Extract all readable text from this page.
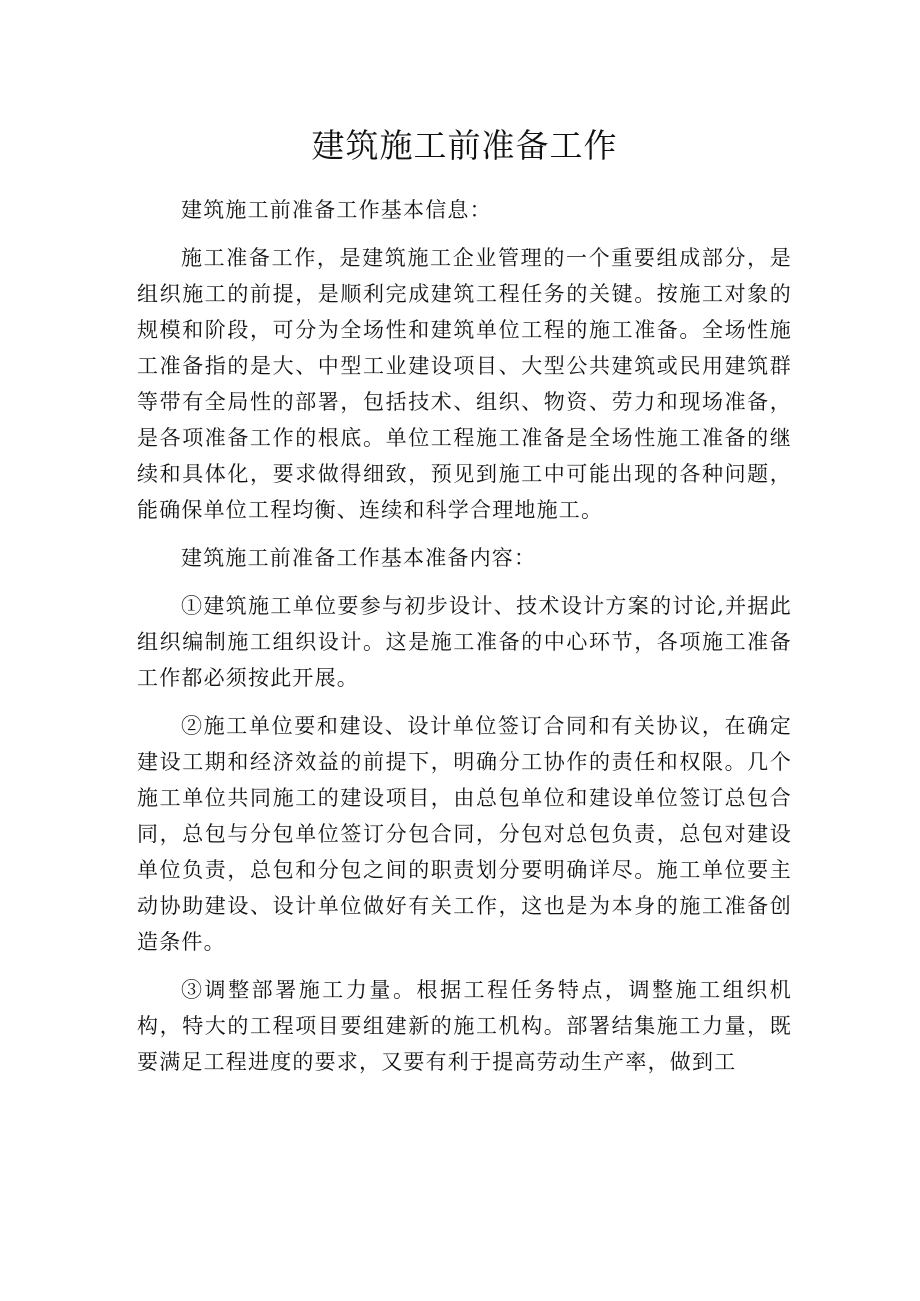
建筑施工前准备工作

建筑施工前准备工作基本信息：

施工准备工作，是建筑施工企业管理的一个重要组成部分，是组织施工的前提，是顺利完成建筑工程任务的关键。按施工对象的规模和阶段，可分为全场性和建筑单位工程的施工准备。全场性施工准备指的是大、中型工业建设项目、大型公共建筑或民用建筑群等带有全局性的部署，包括技术、组织、物资、劳力和现场准备，是各项准备工作的根底。单位工程施工准备是全场性施工准备的继续和具体化，要求做得细致，预见到施工中可能出现的各种问题，能确保单位工程均衡、连续和科学合理地施工。

建筑施工前准备工作基本准备内容：

①建筑施工单位要参与初步设计、技术设计方案的讨论,并据此组织编制施工组织设计。这是施工准备的中心环节，各项施工准备工作都必须按此开展。

②施工单位要和建设、设计单位签订合同和有关协议，在确定建设工期和经济效益的前提下，明确分工协作的责任和权限。几个施工单位共同施工的建设项目，由总包单位和建设单位签订总包合同，总包与分包单位签订分包合同，分包对总包负责，总包对建设单位负责，总包和分包之间的职责划分要明确详尽。施工单位要主动协助建设、设计单位做好有关工作，这也是为本身的施工准备创造条件。

③调整部署施工力量。根据工程任务特点，调整施工组织机构，特大的工程项目要组建新的施工机构。部署结集施工力量，既要满足工程进度的要求，又要有利于提高劳动生产率，做到工
